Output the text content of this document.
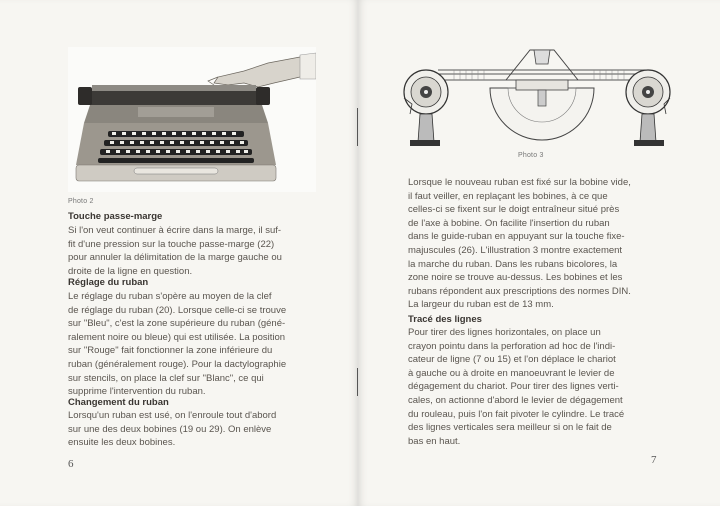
Photo 2
Touche passe-marge
Si l'on veut continuer à écrire dans la marge, il suf-
fit d'une pression sur la touche passe-marge (22)
pour annuler la délimitation de la marge gauche ou
droite de la ligne en question.
Réglage du ruban
Le réglage du ruban s'opère au moyen de la clef
de réglage du ruban (20). Lorsque celle-ci se trouve
sur "Bleu", c'est la zone supérieure du ruban (géné-
ralement noire ou bleue) qui est utilisée. La position
sur "Rouge" fait fonctionner la zone inférieure du
ruban (généralement rouge). Pour la dactylographie
sur stencils, on place la clef sur "Blanc", ce qui
supprime l'intervention du ruban.
Changement du ruban
Lorsqu'un ruban est usé, on l'enroule tout d'abord
sur une des deux bobines (19 ou 29). On enlève
ensuite les deux bobines.
6
Photo 3
Lorsque le nouveau ruban est fixé sur la bobine vide,
il faut veiller, en replaçant les bobines, à ce que
celles-ci se fixent sur le doigt entraîneur situé près
de l'axe à bobine. On facilite l'insertion du ruban
dans le guide-ruban en appuyant sur la touche fixe-
majuscules (26). L'illustration 3 montre exactement
la marche du ruban. Dans les rubans bicolores, la
zone noire se trouve au-dessus. Les bobines et les
rubans répondent aux prescriptions des normes DIN.
La largeur du ruban est de 13 mm.
Tracé des lignes
Pour tirer des lignes horizontales, on place un
crayon pointu dans la perforation ad hoc de l'indi-
cateur de ligne (7 ou 15) et l'on déplace le chariot
à gauche ou à droite en manoeuvrant le levier de
dégagement du chariot. Pour tirer des lignes verti-
cales, on actionne d'abord le levier de dégagement
du rouleau, puis l'on fait pivoter le cylindre. Le tracé
des lignes verticales sera meilleur si on le fait de
bas en haut.
7
